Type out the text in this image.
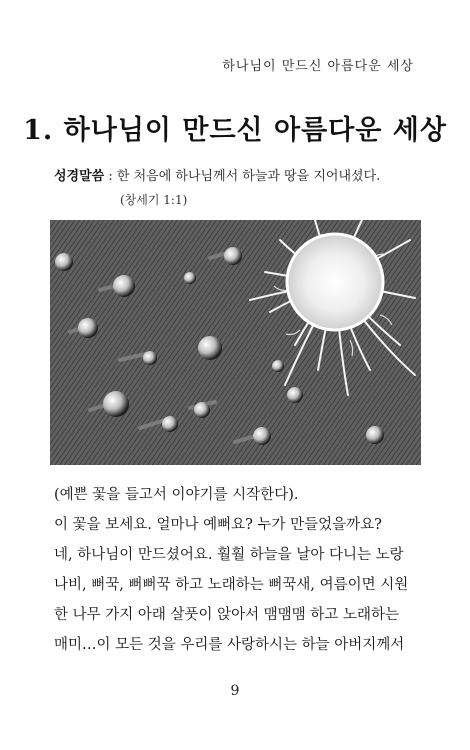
하나님이 만드신 아름다운 세상
1. 하나님이 만드신 아름다운 세상
성경말씀 : 한 처음에 하나님께서 하늘과 땅을 지어내셨다.
(창세기 1:1)

(예쁜 꽃을 들고서 이야기를 시작한다).

이 꽃을 보세요. 얼마나 예뻐요? 누가 만들었을까요?

네, 하나님이 만드셨어요. 훨훨 하늘을 날아 다니는 노랑

나비, 뻐꾹, 뻐뻐꾹 하고 노래하는 뻐꾹새, 여름이면 시원

한 나무 가지 아래 살풋이 앉아서 맴맴맴 하고 노래하는

매미…이 모든 것을 우리를 사랑하시는 하늘 아버지께서

9
